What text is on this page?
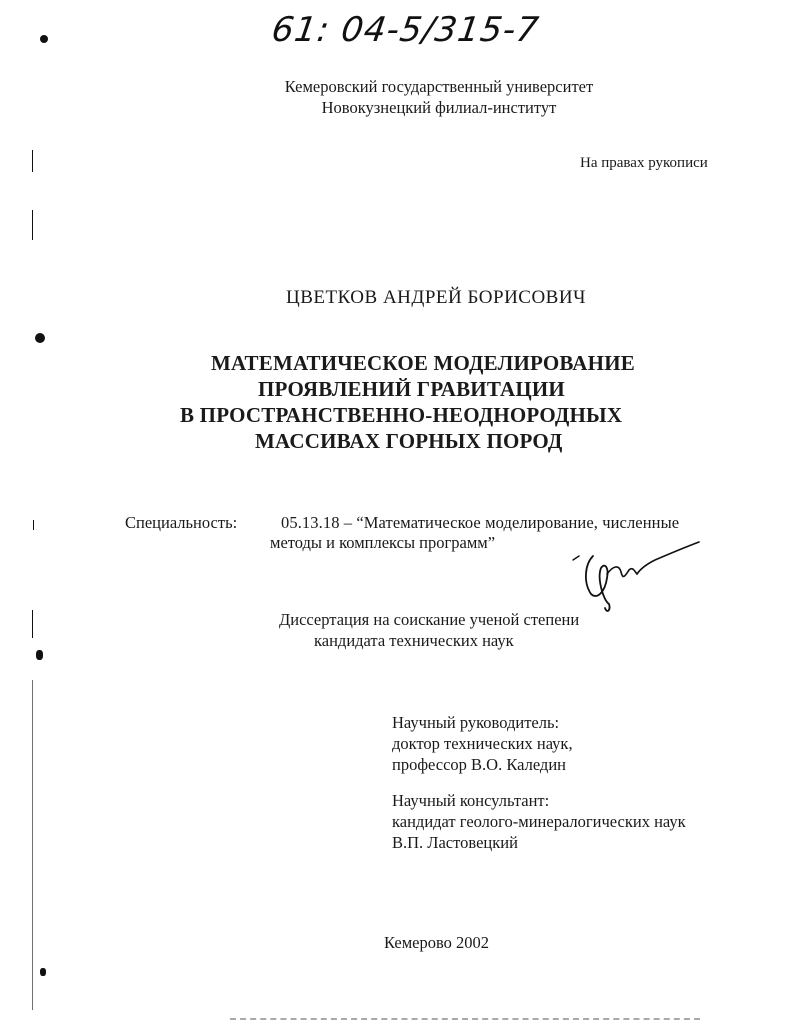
61: 04-5/315-7
Кемеровский государственный университет
Новокузнецкий филиал-институт
На правах рукописи
ЦВЕТКОВ АНДРЕЙ БОРИСОВИЧ
МАТЕМАТИЧЕСКОЕ МОДЕЛИРОВАНИЕ
ПРОЯВЛЕНИЙ ГРАВИТАЦИИ
В ПРОСТРАНСТВЕННО-НЕОДНОРОДНЫХ
МАССИВАХ ГОРНЫХ ПОРОД
Специальность:	05.13.18 – “Математическое моделирование, численные
методы и комплексы программ”
Диссертация на соискание ученой степени
кандидата технических наук
Научный руководитель:
доктор технических наук,
профессор В.О. Каледин
Научный консультант:
кандидат геолого-минералогических наук
В.П. Ластовецкий
Кемерово 2002
